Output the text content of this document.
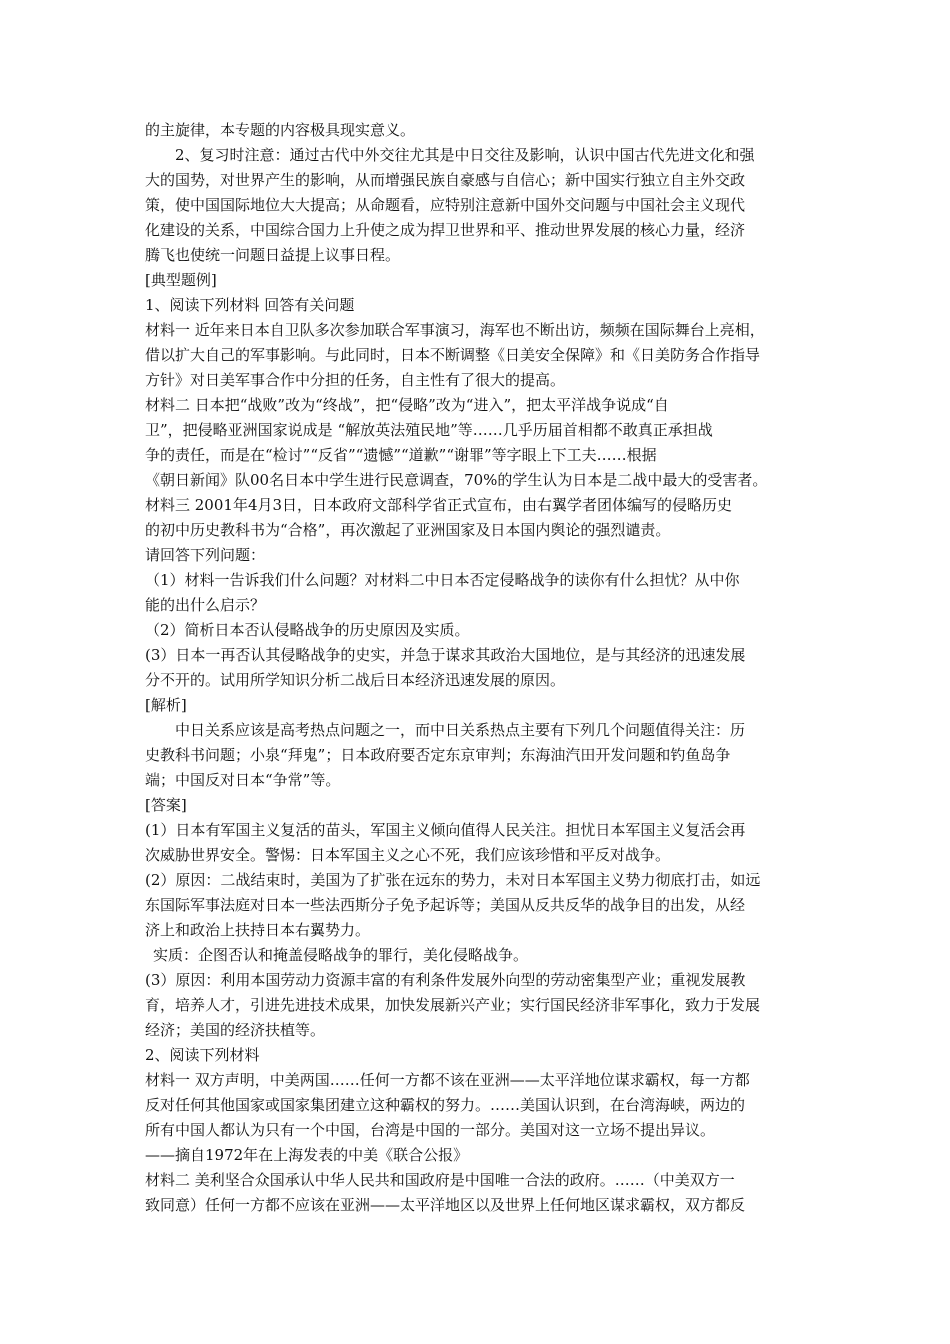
的主旋律，本专题的内容极具现实意义。
2、复习时注意：通过古代中外交往尤其是中日交往及影响，认识中国古代先进文化和强
大的国势，对世界产生的影响，从而增强民族自豪感与自信心；新中国实行独立自主外交政
策，使中国国际地位大大提高；从命题看，应特别注意新中国外交问题与中国社会主义现代
化建设的关系，中国综合国力上升使之成为捍卫世界和平、推动世界发展的核心力量，经济
腾飞也使统一问题日益提上议事日程。
[典型题例]
1、阅读下列材料 回答有关问题
材料一 近年来日本自卫队多次参加联合军事演习，海军也不断出访，频频在国际舞台上亮相，
借以扩大自己的军事影响。与此同时，日本不断调整《日美安全保障》和《日美防务合作指导
方针》对日美军事合作中分担的任务，自主性有了很大的提高。
材料二 日本把“战败”改为“终战”，把“侵略”改为“进入”，把太平洋战争说成“自
卫”，把侵略亚洲国家说成是 “解放英法殖民地”等……几乎历届首相都不敢真正承担战
争的责任，而是在“检讨”“反省”“遗憾”“道歉”“谢罪”等字眼上下工夫……根据
《朝日新闻》队00名日本中学生进行民意调查，70%的学生认为日本是二战中最大的受害者。
材料三 2001年4月3日，日本政府文部科学省正式宣布，由右翼学者团体编写的侵略历史
的初中历史教科书为“合格”，再次激起了亚洲国家及日本国内舆论的强烈谴责。
请回答下列问题：
（1）材料一告诉我们什么问题？对材料二中日本否定侵略战争的读你有什么担忧？从中你
能的出什么启示？
（2）简析日本否认侵略战争的历史原因及实质。
(3）日本一再否认其侵略战争的史实，并急于谋求其政治大国地位，是与其经济的迅速发展
分不开的。试用所学知识分析二战后日本经济迅速发展的原因。
[解析]
中日关系应该是高考热点问题之一，而中日关系热点主要有下列几个问题值得关注：历
史教科书问题；小泉“拜鬼”；日本政府要否定东京审判；东海油汽田开发问题和钓鱼岛争
端；中国反对日本“争常”等。
[答案]
(1）日本有军国主义复活的苗头，军国主义倾向值得人民关注。担忧日本军国主义复活会再
次威胁世界安全。警惕：日本军国主义之心不死，我们应该珍惜和平反对战争。
(2）原因：二战结束时，美国为了扩张在远东的势力，未对日本军国主义势力彻底打击，如远
东国际军事法庭对日本一些法西斯分子免予起诉等；美国从反共反华的战争目的出发，从经
济上和政治上扶持日本右翼势力。
实质：企图否认和掩盖侵略战争的罪行，美化侵略战争。
(3）原因：利用本国劳动力资源丰富的有利条件发展外向型的劳动密集型产业；重视发展教
育，培养人才，引进先进技术成果，加快发展新兴产业；实行国民经济非军事化，致力于发展
经济；美国的经济扶植等。
2、阅读下列材料
材料一 双方声明，中美两国……任何一方都不该在亚洲——太平洋地位谋求霸权，每一方都
反对任何其他国家或国家集团建立这种霸权的努力。……美国认识到，在台湾海峡，两边的
所有中国人都认为只有一个中国，台湾是中国的一部分。美国对这一立场不提出异议。
——摘自1972年在上海发表的中美《联合公报》
材料二 美利坚合众国承认中华人民共和国政府是中国唯一合法的政府。……（中美双方一
致同意）任何一方都不应该在亚洲——太平洋地区以及世界上任何地区谋求霸权，双方都反
